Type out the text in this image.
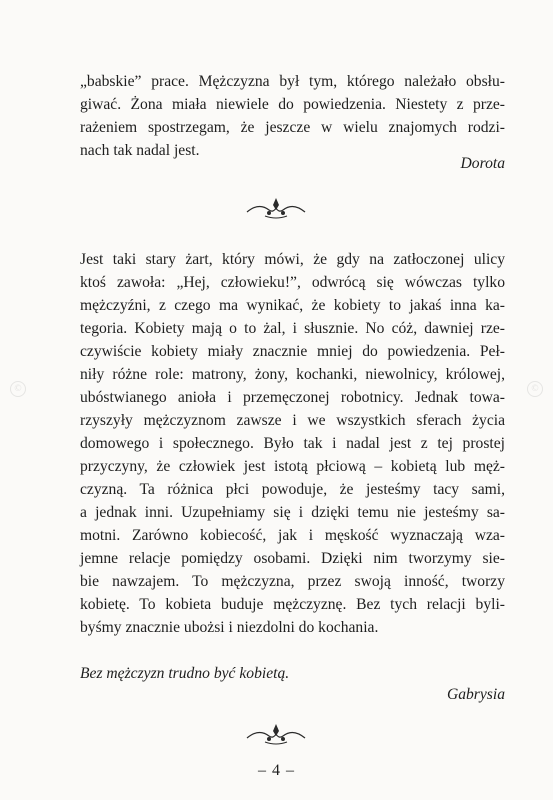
„babskie” prace. Mężczyzna był tym, którego należało obsłu-
giwać. Żona miała niewiele do powiedzenia. Niestety z prze-
rażeniem spostrzegam, że jeszcze w wielu znajomych rodzi-
nach tak nadal jest.
Dorota
Jest taki stary żart, który mówi, że gdy na zatłoczonej ulicy
ktoś zawoła: „Hej, człowieku!”, odwrócą się wówczas tylko
mężczyźni, z czego ma wynikać, że kobiety to jakaś inna ka-
tegoria. Kobiety mają o to żal, i słusznie. No cóż, dawniej rze-
czywiście kobiety miały znacznie mniej do powiedzenia. Peł-
niły różne role: matrony, żony, kochanki, niewolnicy, królowej,
ubóstwianego anioła i przemęczonej robotnicy. Jednak towa-
rzyszyły mężczyznom zawsze i we wszystkich sferach życia
domowego i społecznego. Było tak i nadal jest z tej prostej
przyczyny, że człowiek jest istotą płciową – kobietą lub męż-
czyzną. Ta różnica płci powoduje, że jesteśmy tacy sami,
a jednak inni. Uzupełniamy się i dzięki temu nie jesteśmy sa-
motni. Zarówno kobiecość, jak i męskość wyznaczają wza-
jemne relacje pomiędzy osobami. Dzięki nim tworzymy sie-
bie nawzajem. To mężczyzna, przez swoją inność, tworzy
kobietę. To kobieta buduje mężczyznę. Bez tych relacji byli-
byśmy znacznie ubożsi i niezdolni do kochania.
Bez mężczyzn trudno być kobietą.
Gabrysia
– 4 –
©	©
